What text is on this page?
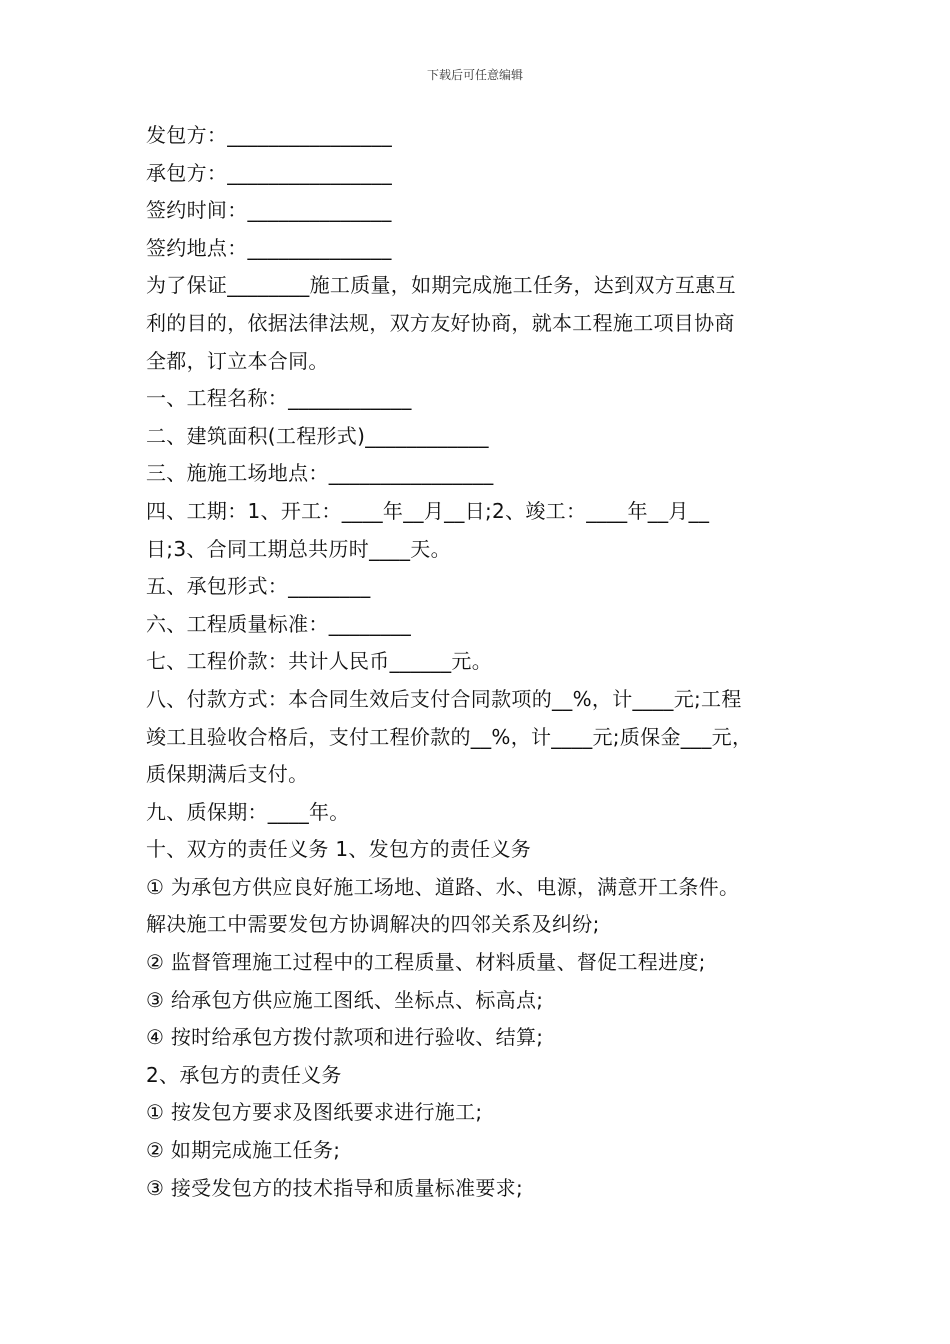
下载后可任意编辑
发包方：________________
承包方：________________
签约时间：______________
签约地点：______________
为了保证________施工质量，如期完成施工任务，达到双方互惠互
利的目的，依据法律法规，双方友好协商，就本工程施工项目协商
全都，订立本合同。
一、工程名称：____________
二、建筑面积(工程形式)____________
三、施施工场地点：________________
四、工期：1、开工：____年__月__日;2、竣工：____年__月__
日;3、合同工期总共历时____天。
五、承包形式：________
六、工程质量标准：________
七、工程价款：共计人民币______元。
八、付款方式：本合同生效后支付合同款项的__%，计____元;工程
竣工且验收合格后，支付工程价款的__%，计____元;质保金___元，
质保期满后支付。
九、质保期：____年。
十、双方的责任义务 1、发包方的责任义务
① 为承包方供应良好施工场地、道路、水、电源，满意开工条件。
解决施工中需要发包方协调解决的四邻关系及纠纷;
② 监督管理施工过程中的工程质量、材料质量、督促工程进度;
③ 给承包方供应施工图纸、坐标点、标高点;
④ 按时给承包方拨付款项和进行验收、结算;
2、承包方的责任义务
① 按发包方要求及图纸要求进行施工;
② 如期完成施工任务;
③ 接受发包方的技术指导和质量标准要求;
